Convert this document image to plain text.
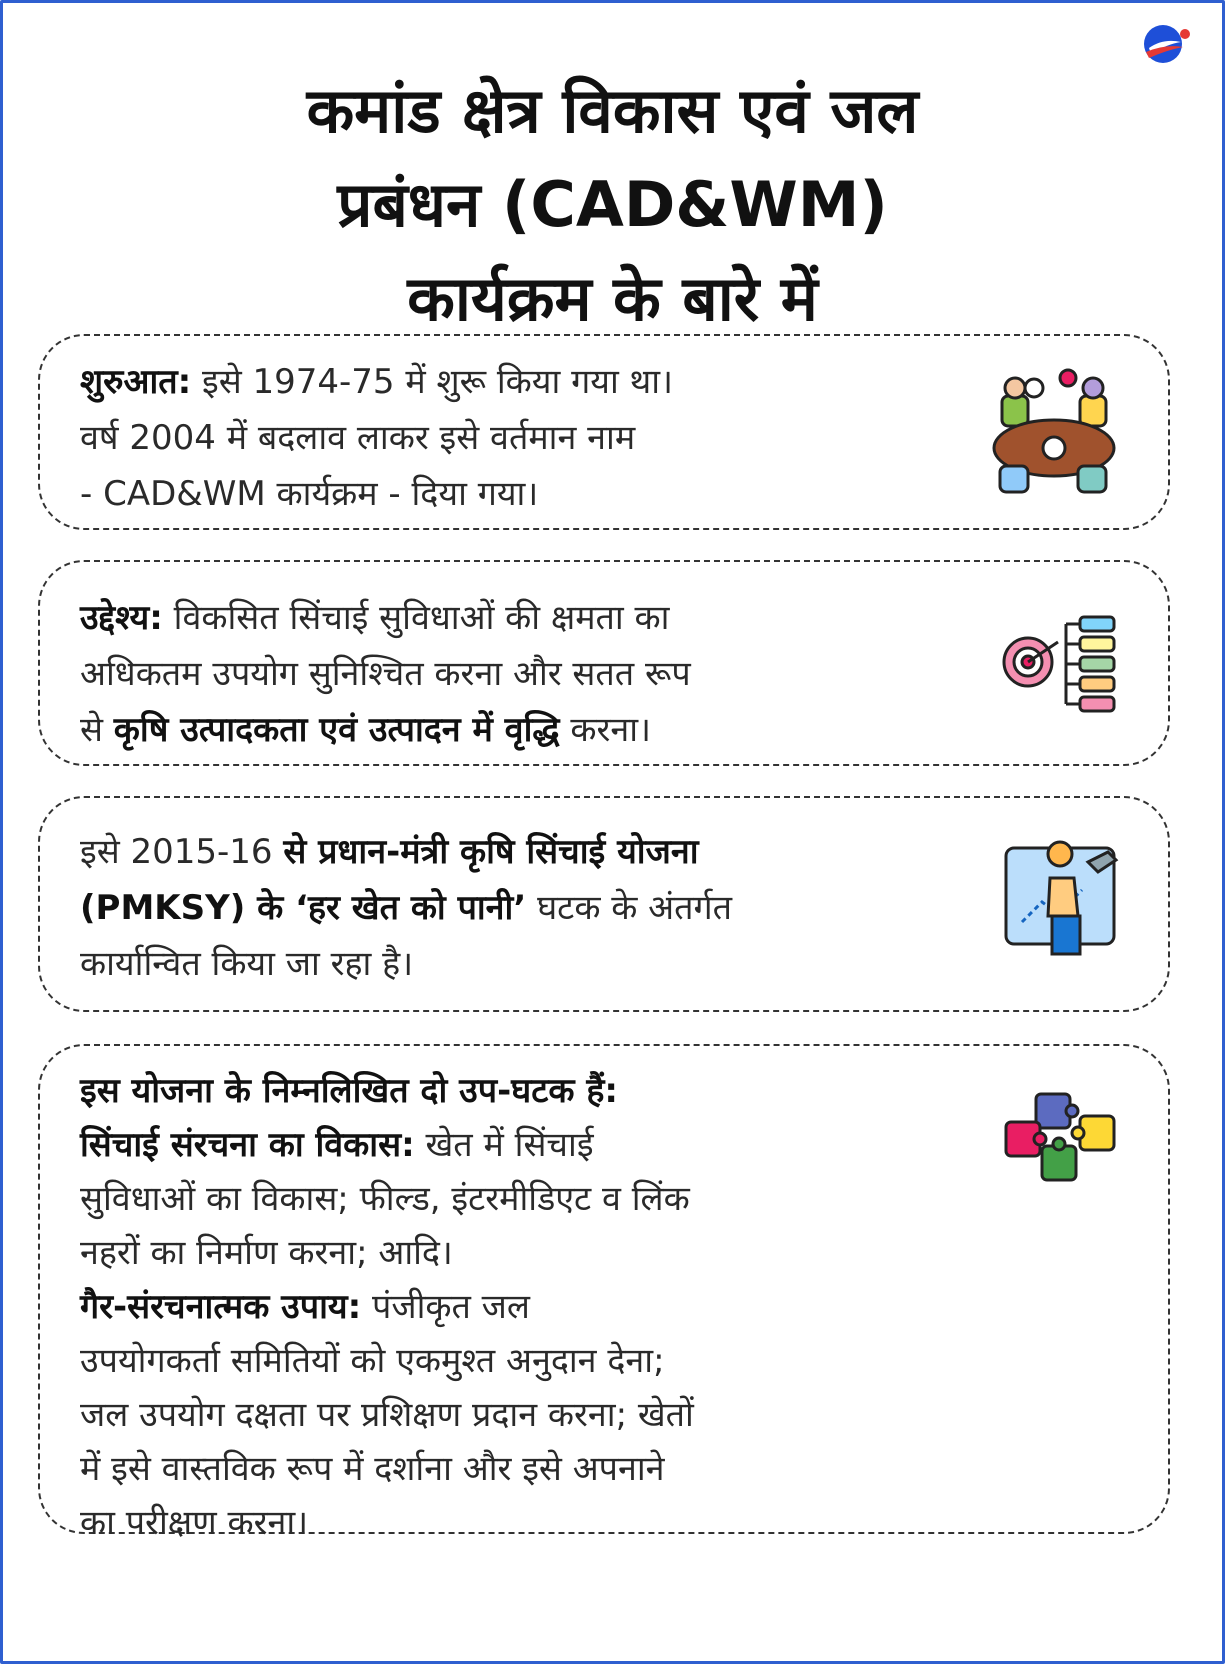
कमांड क्षेत्र विकास एवं जल
प्रबंधन (CAD&WM)
कार्यक्रम के बारे में
शुरुआत: इसे 1974-75 में शुरू किया गया था।
वर्ष 2004 में बदलाव लाकर इसे वर्तमान नाम
- CAD&WM कार्यक्रम - दिया गया।
उद्देश्य: विकसित सिंचाई सुविधाओं की क्षमता का
अधिकतम उपयोग सुनिश्चित करना और सतत रूप
से कृषि उत्पादकता एवं उत्पादन में वृद्धि करना।
इसे 2015-16 से प्रधान-मंत्री कृषि सिंचाई योजना
(PMKSY) के ‘हर खेत को पानी’ घटक के अंतर्गत
कार्यान्वित किया जा रहा है।
इस योजना के निम्नलिखित दो उप-घटक हैं:
सिंचाई संरचना का विकास: खेत में सिंचाई
सुविधाओं का विकास; फील्ड, इंटरमीडिएट व लिंक
नहरों का निर्माण करना; आदि।
गैर-संरचनात्मक उपाय: पंजीकृत जल
उपयोगकर्ता समितियों को एकमुश्त अनुदान देना;
जल उपयोग दक्षता पर प्रशिक्षण प्रदान करना; खेतों
में इसे वास्तविक रूप में दर्शाना और इसे अपनाने
का परीक्षण करना।
